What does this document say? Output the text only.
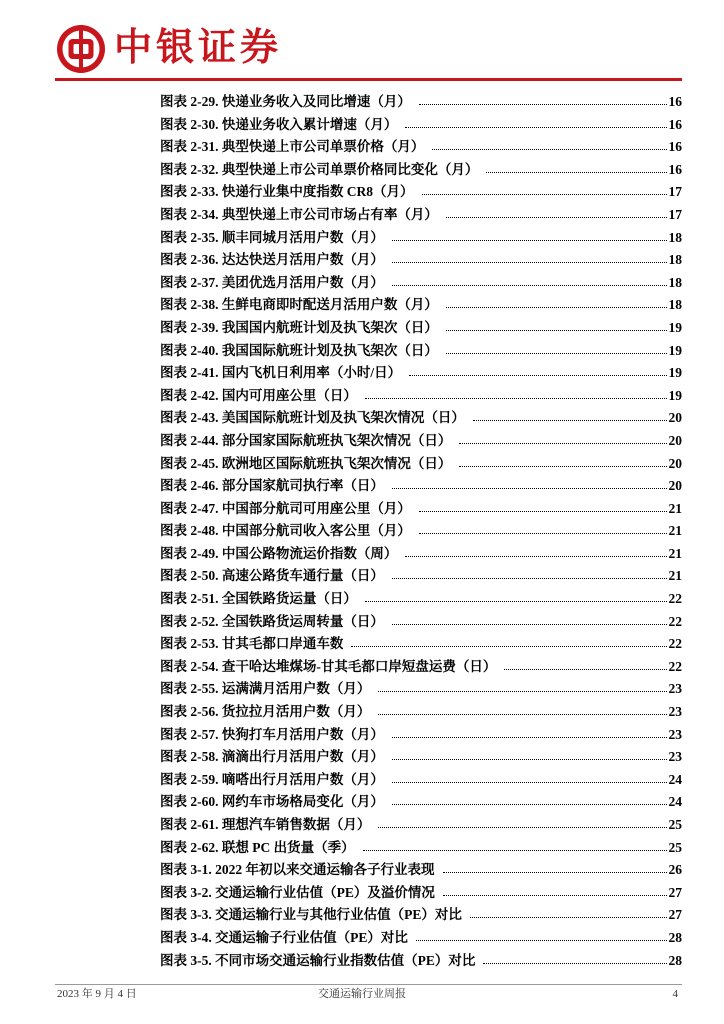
中银证券
图表 2-29. 快递业务收入及同比增速（月）	16
图表 2-30. 快递业务收入累计增速（月）	16
图表 2-31. 典型快递上市公司单票价格（月）	16
图表 2-32. 典型快递上市公司单票价格同比变化（月）	16
图表 2-33. 快递行业集中度指数 CR8（月）	17
图表 2-34. 典型快递上市公司市场占有率（月）	17
图表 2-35. 顺丰同城月活用户数（月）	18
图表 2-36. 达达快送月活用户数（月）	18
图表 2-37. 美团优选月活用户数（月）	18
图表 2-38. 生鲜电商即时配送月活用户数（月）	18
图表 2-39. 我国国内航班计划及执飞架次（日）	19
图表 2-40. 我国国际航班计划及执飞架次（日）	19
图表 2-41. 国内飞机日利用率（小时/日）	19
图表 2-42. 国内可用座公里（日）	19
图表 2-43. 美国国际航班计划及执飞架次情况（日）	20
图表 2-44. 部分国家国际航班执飞架次情况（日）	20
图表 2-45. 欧洲地区国际航班执飞架次情况（日）	20
图表 2-46. 部分国家航司执行率（日）	20
图表 2-47. 中国部分航司可用座公里（月）	21
图表 2-48. 中国部分航司收入客公里（月）	21
图表 2-49. 中国公路物流运价指数（周）	21
图表 2-50. 高速公路货车通行量（日）	21
图表 2-51. 全国铁路货运量（日）	22
图表 2-52. 全国铁路货运周转量（日）	22
图表 2-53. 甘其毛都口岸通车数	22
图表 2-54. 查干哈达堆煤场-甘其毛都口岸短盘运费（日）	22
图表 2-55. 运满满月活用户数（月）	23
图表 2-56. 货拉拉月活用户数（月）	23
图表 2-57. 快狗打车月活用户数（月）	23
图表 2-58. 滴滴出行月活用户数（月）	23
图表 2-59. 嘀嗒出行月活用户数（月）	24
图表 2-60. 网约车市场格局变化（月）	24
图表 2-61. 理想汽车销售数据（月）	25
图表 2-62. 联想 PC 出货量（季）	25
图表 3-1. 2022 年初以来交通运输各子行业表现	26
图表 3-2. 交通运输行业估值（PE）及溢价情况	27
图表 3-3. 交通运输行业与其他行业估值（PE）对比	27
图表 3-4. 交通运输子行业估值（PE）对比	28
图表 3-5. 不同市场交通运输行业指数估值（PE）对比	28
2023 年 9 月 4 日	交通运输行业周报	4
